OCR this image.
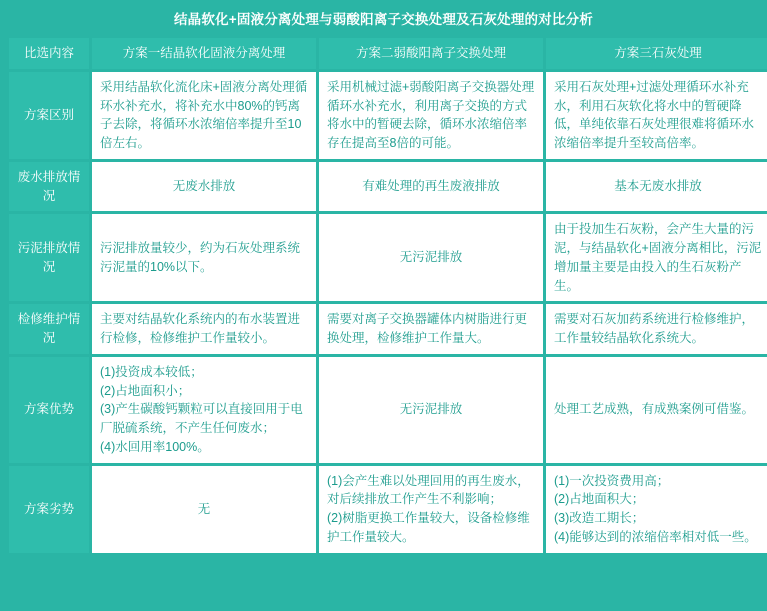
结晶软化+固液分离处理与弱酸阳离子交换处理及石灰处理的对比分析
比选内容	方案一结晶软化固液分离处理	方案二弱酸阳离子交换处理	方案三石灰处理
方案区别	采用结晶软化流化床+固液分离处理循环水补充水，将补充水中80%的钙离子去除，将循环水浓缩倍率提升至10倍左右。	采用机械过滤+弱酸阳离子交换器处理循环水补充水，利用离子交换的方式将水中的暂硬去除，循环水浓缩倍率存在提高至8倍的可能。	采用石灰处理+过滤处理循环水补充水，利用石灰软化将水中的暂硬降低，单纯依靠石灰处理很难将循环水浓缩倍率提升至较高倍率。
废水排放情况	无废水排放	有难处理的再生废液排放	基本无废水排放
污泥排放情况	污泥排放量较少，约为石灰处理系统污泥量的10%以下。	无污泥排放	由于投加生石灰粉，会产生大量的污泥，与结晶软化+固液分离相比，污泥增加量主要是由投入的生石灰粉产生。
检修维护情况	主要对结晶软化系统内的布水装置进行检修，检修维护工作量较小。	需要对离子交换器罐体内树脂进行更换处理，检修维护工作量大。	需要对石灰加药系统进行检修维护，工作量较结晶软化系统大。
方案优势	(1)投资成本较低；
(2)占地面积小；
(3)产生碳酸钙颗粒可以直接回用于电厂脱硫系统，不产生任何废水；
(4)水回用率100%。	无污泥排放	处理工艺成熟，有成熟案例可借鉴。
方案劣势	无	(1)会产生难以处理回用的再生废水，对后续排放工作产生不利影响；
(2)树脂更换工作量较大，设备检修维护工作量较大。	(1)一次投资费用高；
(2)占地面积大；
(3)改造工期长；
(4)能够达到的浓缩倍率相对低一些。
